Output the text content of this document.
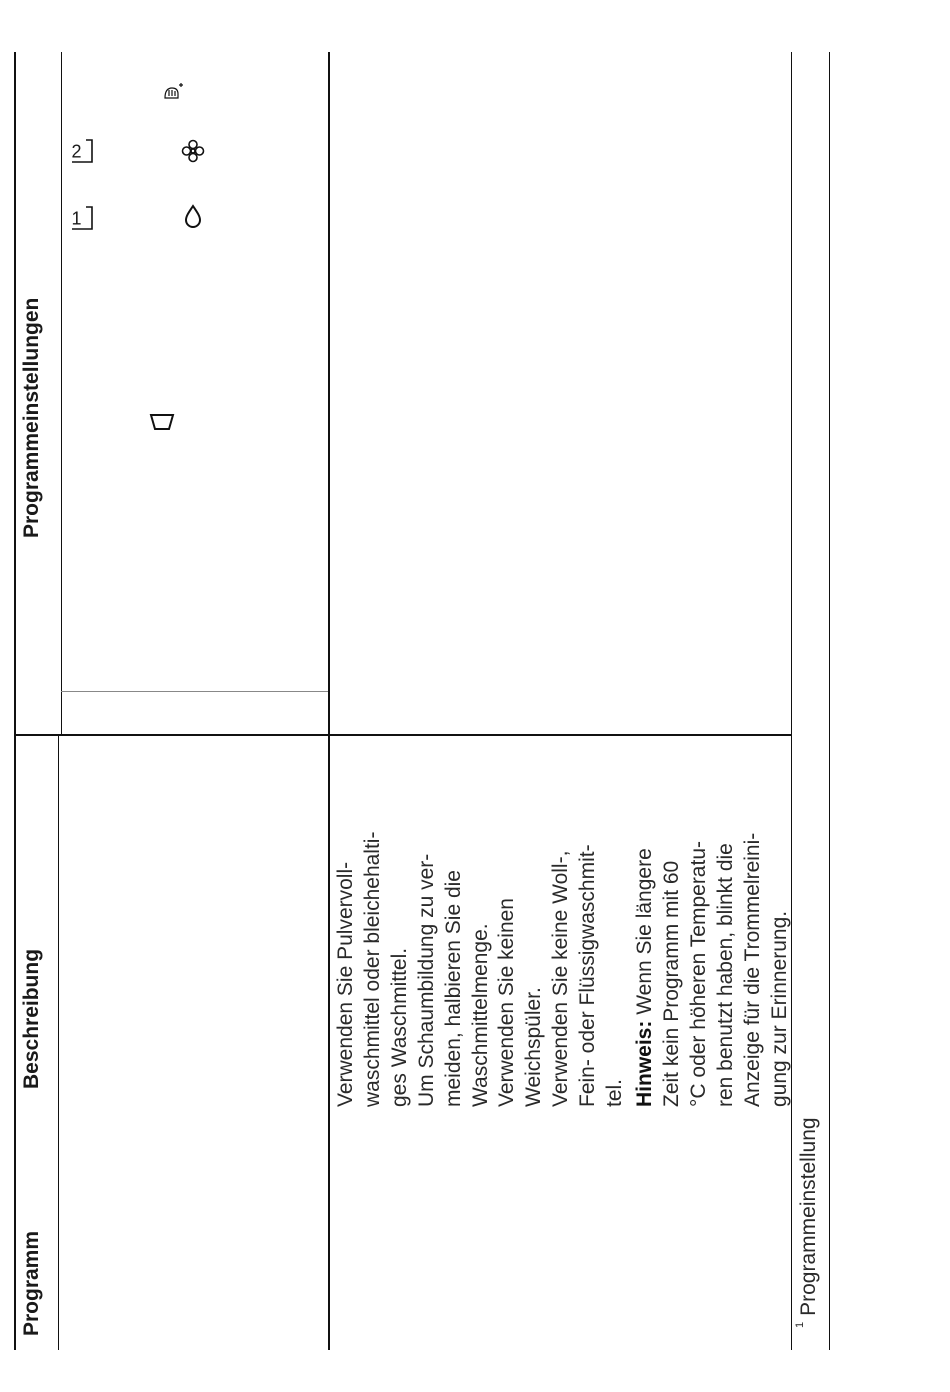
Programm
Beschreibung
Programmeinstellungen

Verwenden Sie Pulvervoll- waschmittel oder bleichehalti- ges Waschmittel. Um Schaumbildung zu ver- meiden, halbieren Sie die Waschmittelmenge. Verwenden Sie keinen Weichspüler. Verwenden Sie keine Woll-, Fein- oder Flüssigwaschmit- tel. Hinweis: Wenn Sie längere Zeit kein Programm mit 60 °C oder höheren Temperatu- ren benutzt haben, blinkt die Anzeige für die Trommelreini- gung zur Erinnerung.

1
2
$^1$Programmeinstellung
